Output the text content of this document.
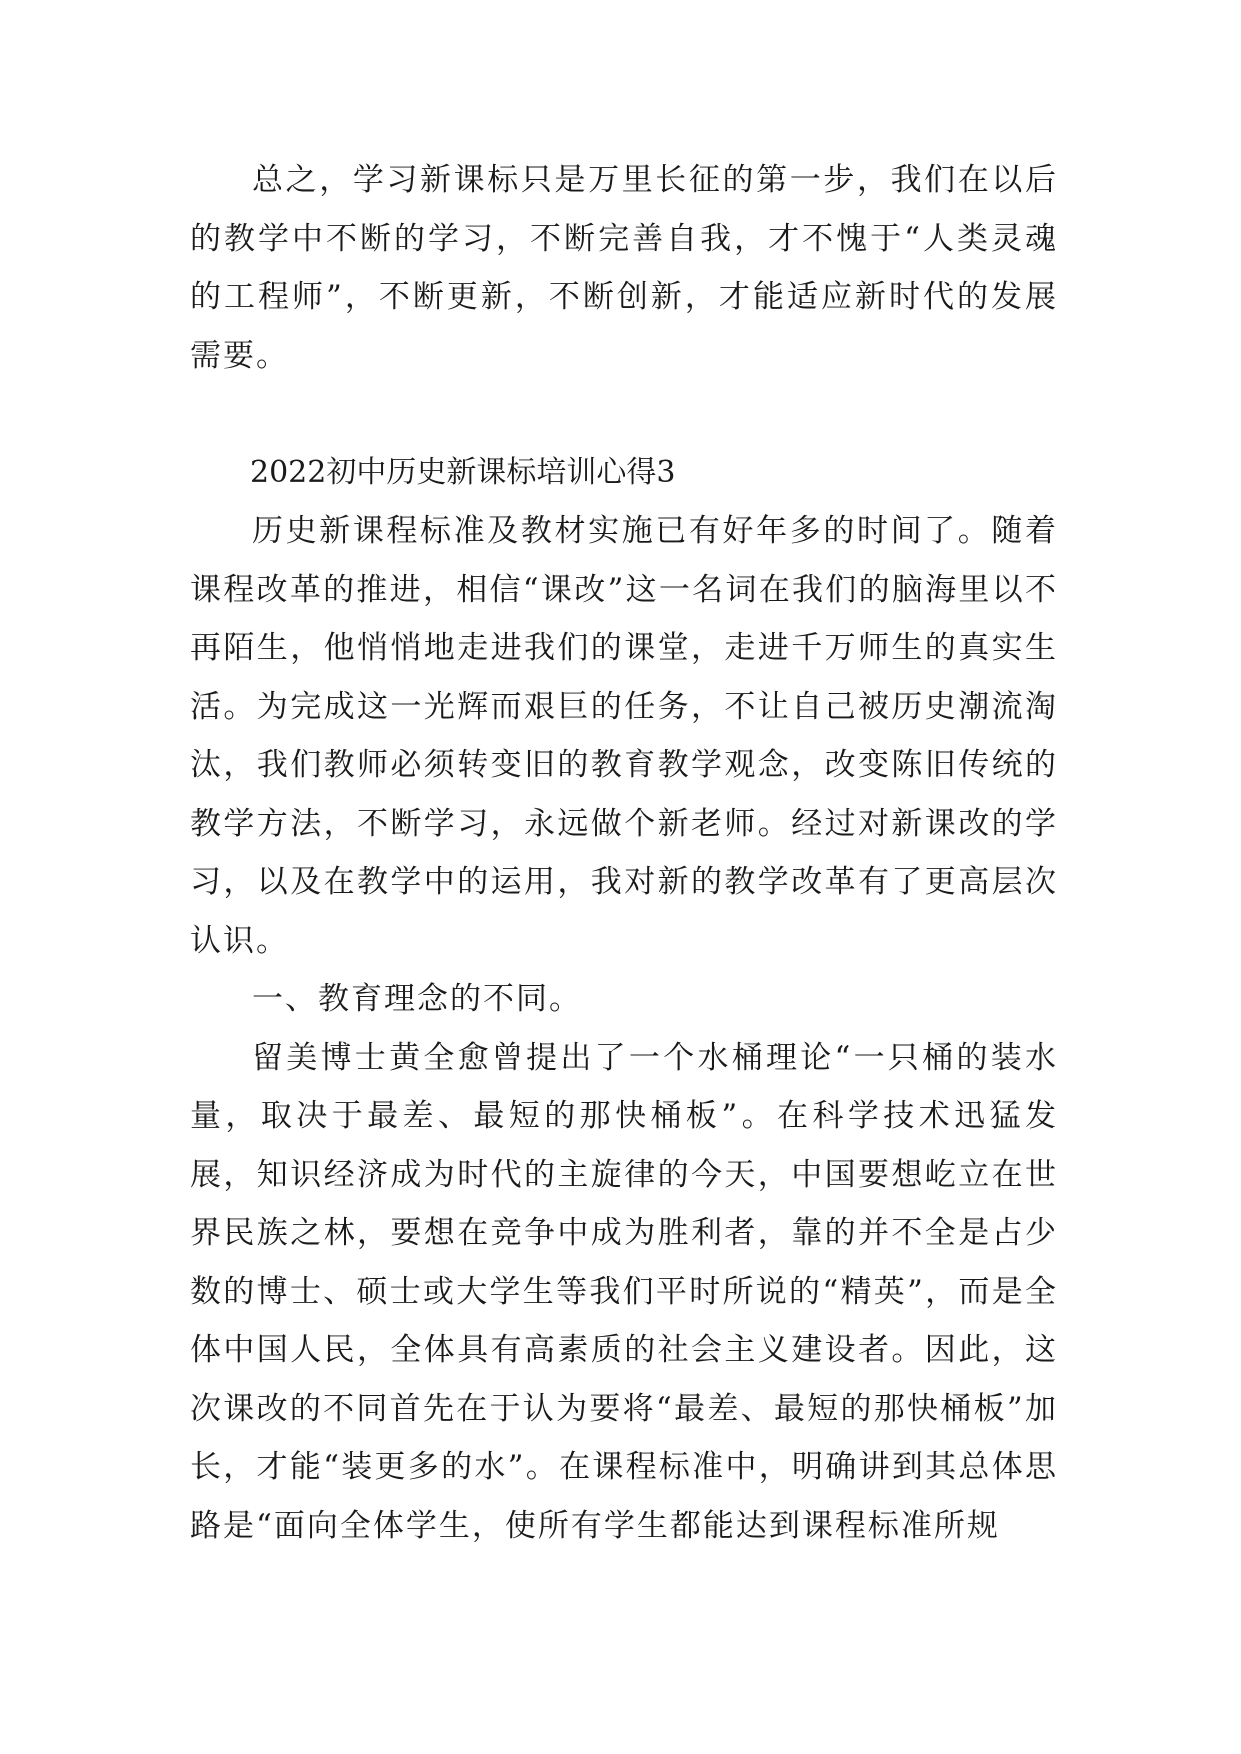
总之，学习新课标只是万里长征的第一步，我们在以后的教学中不断的学习，不断完善自我，才不愧于“人类灵魂的工程师”，不断更新，不断创新，才能适应新时代的发展需要。

2022初中历史新课标培训心得3

历史新课程标准及教材实施已有好年多的时间了。随着课程改革的推进，相信“课改”这一名词在我们的脑海里以不再陌生，他悄悄地走进我们的课堂，走进千万师生的真实生活。为完成这一光辉而艰巨的任务，不让自己被历史潮流淘汰，我们教师必须转变旧的教育教学观念，改变陈旧传统的教学方法，不断学习，永远做个新老师。经过对新课改的学习，以及在教学中的运用，我对新的教学改革有了更高层次认识。

一、教育理念的不同。

留美博士黄全愈曾提出了一个水桶理论“一只桶的装水量，取决于最差、最短的那快桶板”。在科学技术迅猛发展，知识经济成为时代的主旋律的今天，中国要想屹立在世界民族之林，要想在竞争中成为胜利者，靠的并不全是占少数的博士、硕士或大学生等我们平时所说的“精英”，而是全体中国人民，全体具有高素质的社会主义建设者。因此，这次课改的不同首先在于认为要将“最差、最短的那快桶板”加长，才能“装更多的水”。在课程标准中，明确讲到其总体思路是“面向全体学生，使所有学生都能达到课程标准所规
